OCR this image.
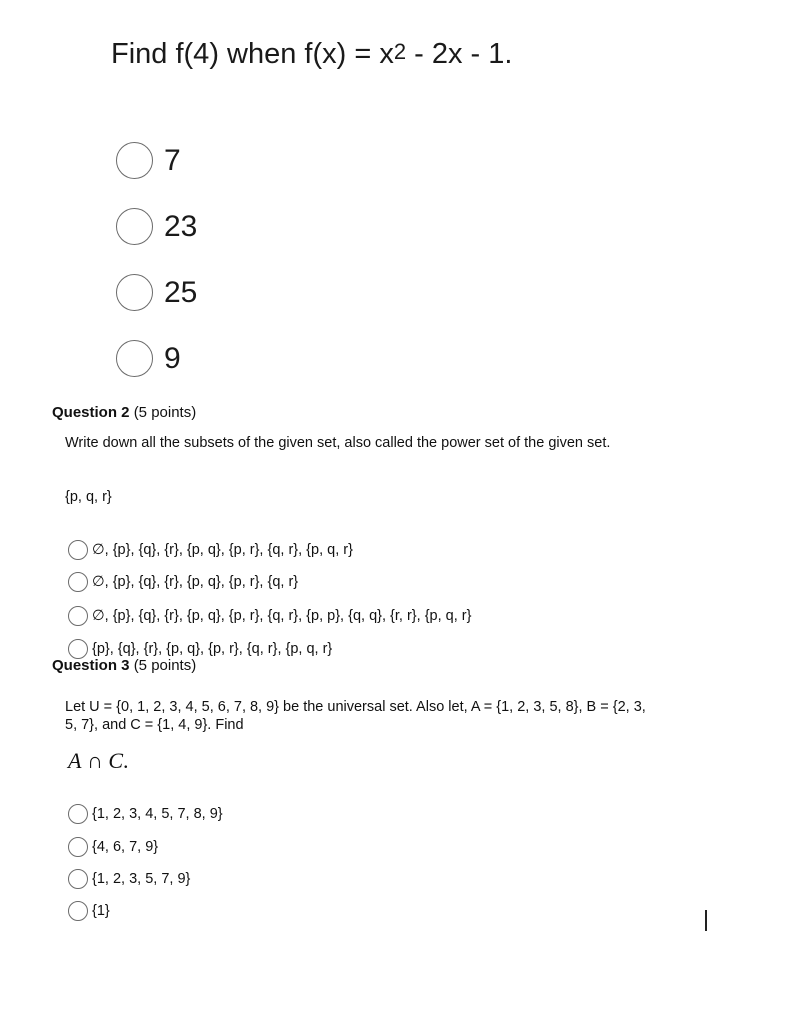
Find f(4) when $f(x) = x^2 - 2x - 1$.
7
23
25
9
Question 2 (5 points)
Write down all the subsets of the given set, also called the power set of the given set.
{p, q, r}
∅, {p}, {q}, {r}, {p, q}, {p, r}, {q, r}, {p, q, r}
∅, {p}, {q}, {r}, {p, q}, {p, r}, {q, r}
∅, {p}, {q}, {r}, {p, q}, {p, r}, {q, r}, {p, p}, {q, q}, {r, r}, {p, q, r}
{p}, {q}, {r}, {p, q}, {p, r}, {q, r}, {p, q, r}
Question 3 (5 points)
Let U = {0, 1, 2, 3, 4, 5, 6, 7, 8, 9} be the universal set. Also let, A = {1, 2, 3, 5, 8}, B = {2, 3, 5, 7}, and C = {1, 4, 9}. Find
A ∩ C.
{1, 2, 3, 4, 5, 7, 8, 9}
{4, 6, 7, 9}
{1, 2, 3, 5, 7, 9}
{1}
